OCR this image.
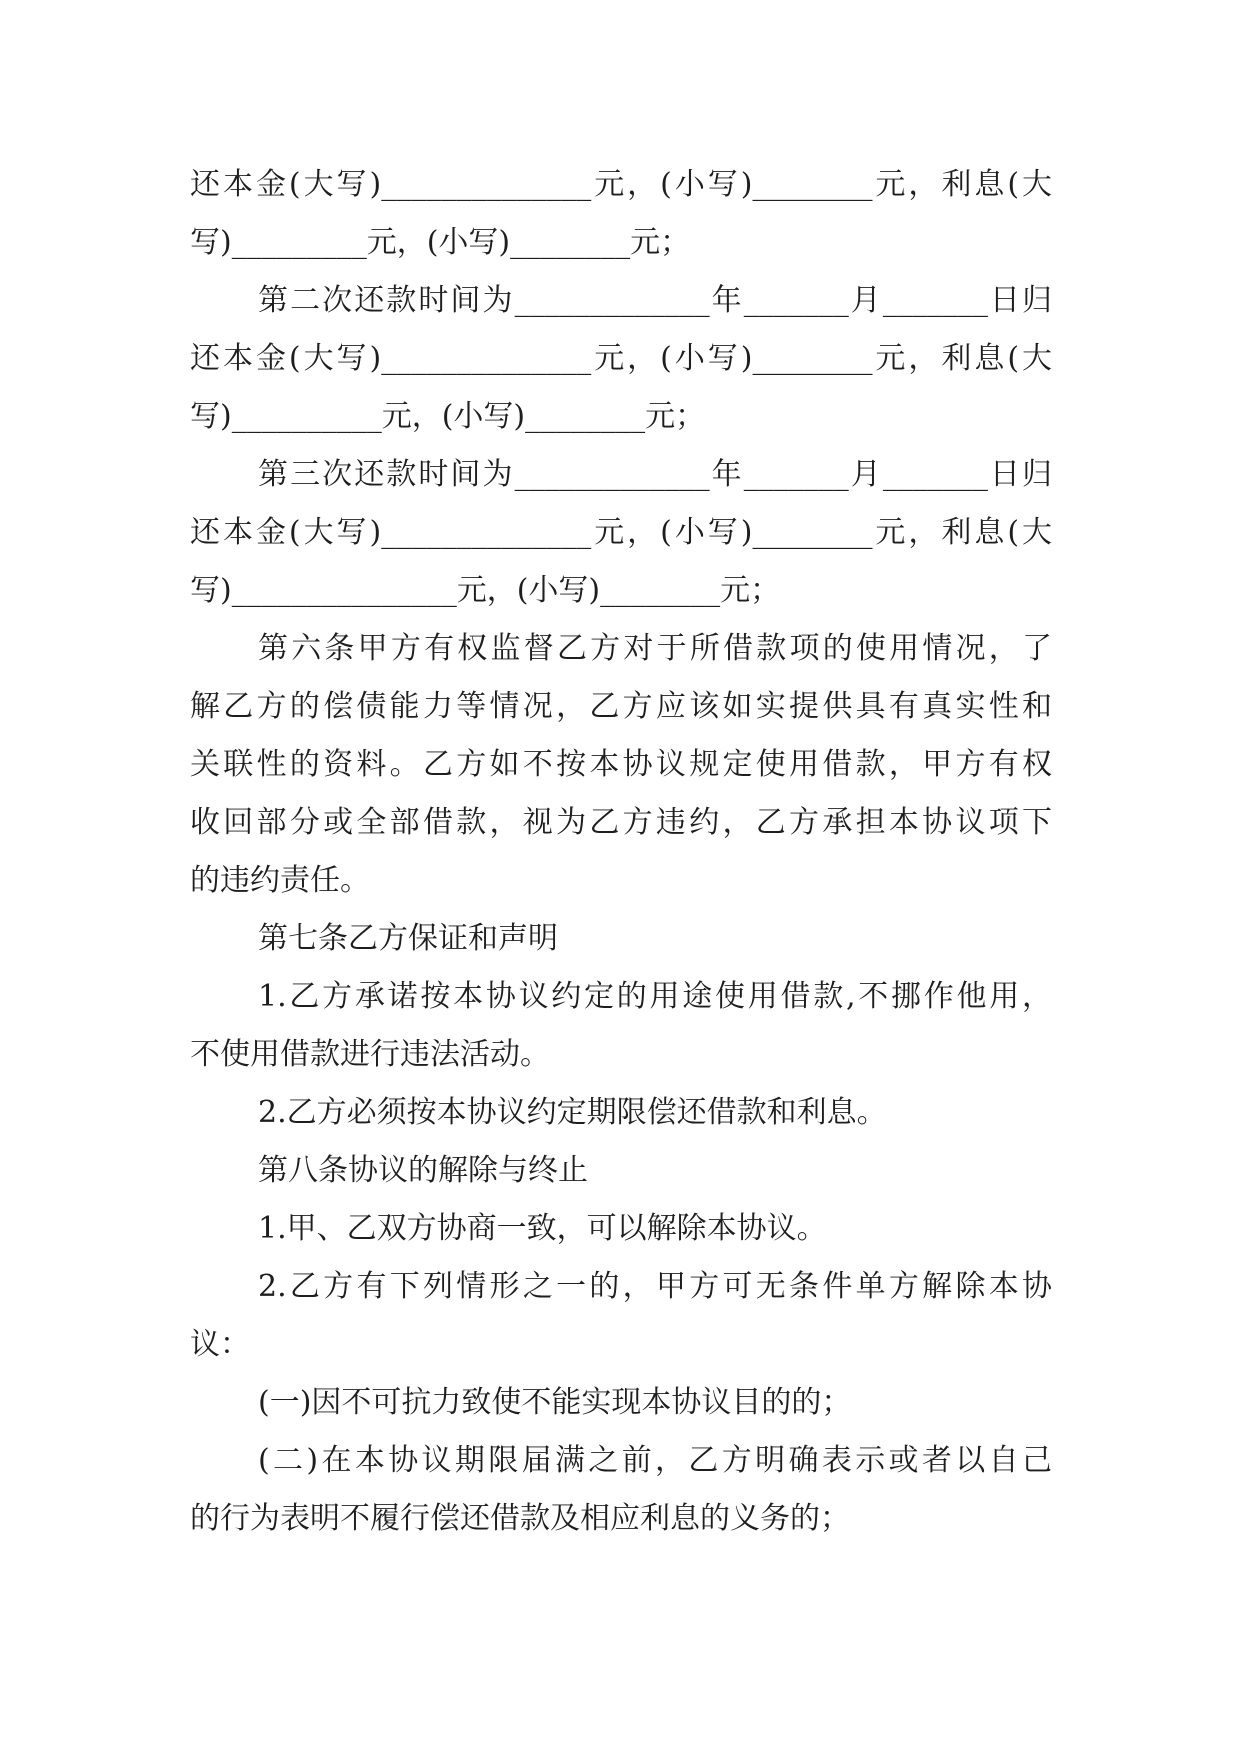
还本金(大写)______________元，(小写)________元，利息(大
写)_________元，(小写)________元；
第二次还款时间为_____________年_______月_______日归
还本金(大写)______________元，(小写)________元，利息(大
写)__________元，(小写)________元；
第三次还款时间为_____________年_______月_______日归
还本金(大写)______________元，(小写)________元，利息(大
写)_______________元，(小写)________元；
第六条甲方有权监督乙方对于所借款项的使用情况，了
解乙方的偿债能力等情况，乙方应该如实提供具有真实性和
关联性的资料。乙方如不按本协议规定使用借款，甲方有权
收回部分或全部借款，视为乙方违约，乙方承担本协议项下
的违约责任。
第七条乙方保证和声明
1.乙方承诺按本协议约定的用途使用借款,不挪作他用，
不使用借款进行违法活动。
2.乙方必须按本协议约定期限偿还借款和利息。
第八条协议的解除与终止
1.甲、乙双方协商一致，可以解除本协议。
2.乙方有下列情形之一的，甲方可无条件单方解除本协
议：
(一)因不可抗力致使不能实现本协议目的的；
(二)在本协议期限届满之前，乙方明确表示或者以自己
的行为表明不履行偿还借款及相应利息的义务的；
